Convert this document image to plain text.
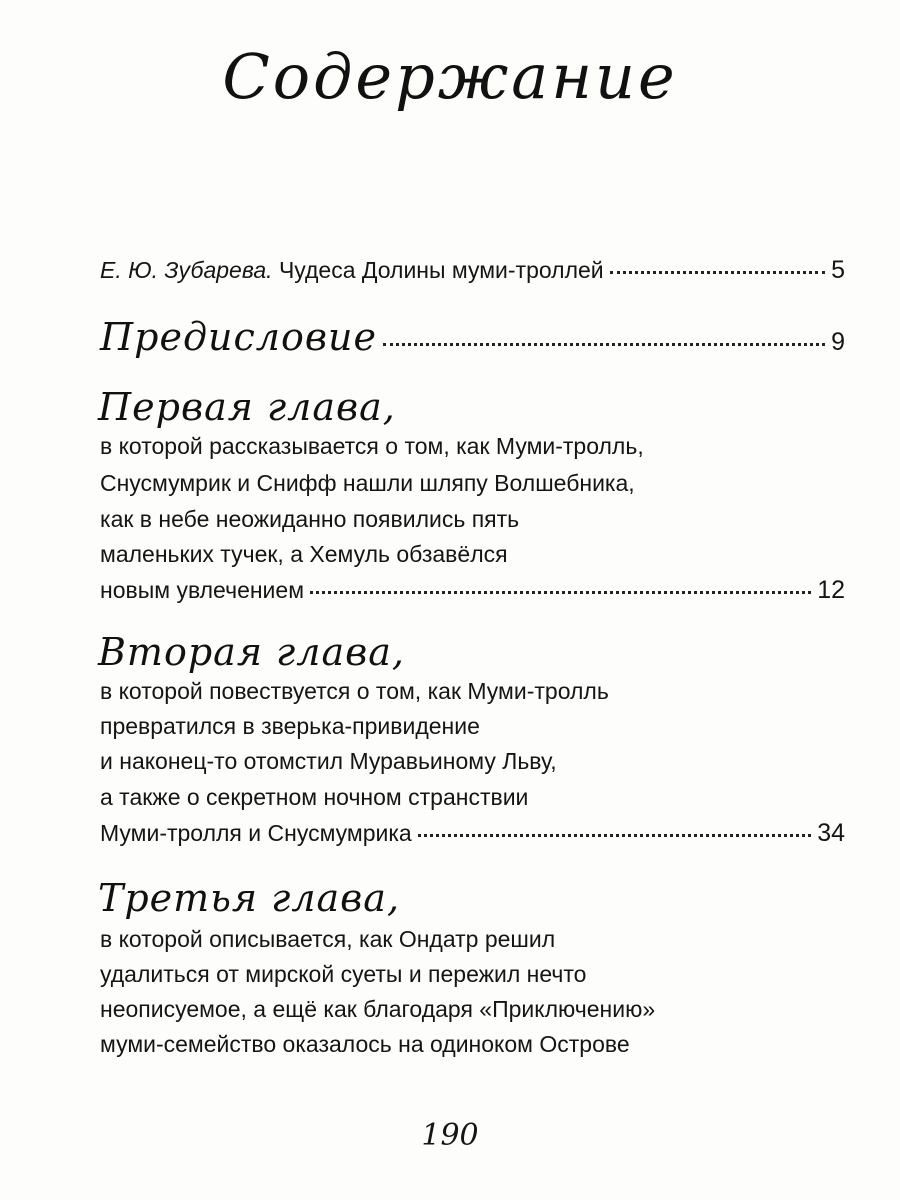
Содержание
Е. Ю. Зубарева. Чудеса Долины муми-троллей	5
Предисловие	9
Первая глава,
в которой рассказывается о том, как Муми-тролль,
Снусмумрик и Снифф нашли шляпу Волшебника,
как в небе неожиданно появились пять
маленьких тучек, а Хемуль обзавёлся
новым увлечением	12
Вторая глава,
в которой повествуется о том, как Муми-тролль
превратился в зверька-привидение
и наконец-то отомстил Муравьиному Льву,
а также о секретном ночном странствии
Муми-тролля и Снусмумрика	34
Третья глава,
в которой описывается, как Ондатр решил
удалиться от мирской суеты и пережил нечто
неописуемое, а ещё как благодаря «Приключению»
муми-семейство оказалось на одиноком Острове
190
